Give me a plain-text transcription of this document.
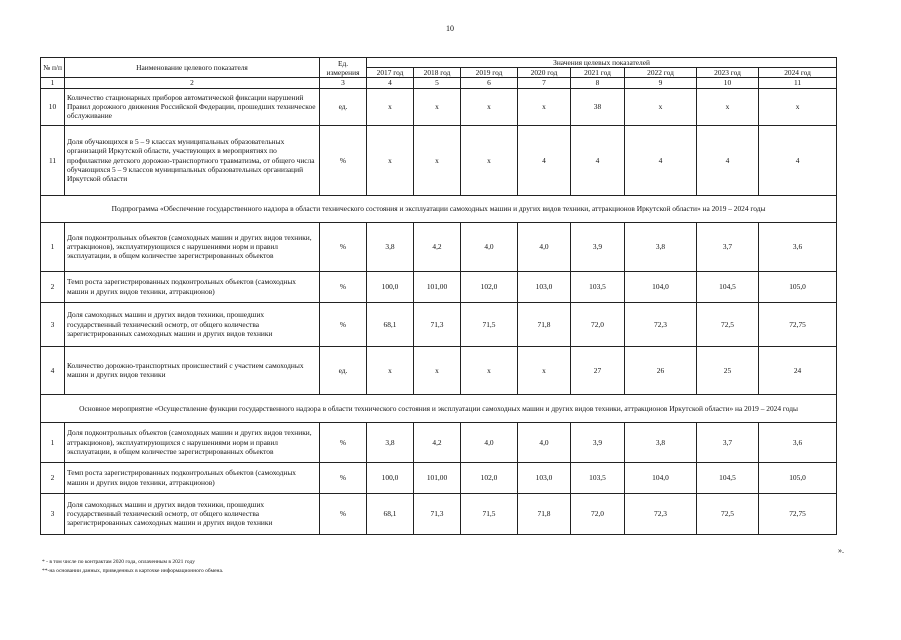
10
№ п/п	Наименование целевого показателя	Ед. измерения	Значения целевых показателей							
			2017 год	2018 год	2019 год	2020 год	2021 год	2022 год	2023 год	2024 год
1	2	3	4	5	6	7	8	9	10	11
10	Количество стационарных приборов автоматической фиксации нарушений Правил дорожного движения Российской Федерации, прошедших техническое обслуживание	ед.	x	x	x	x	38	x	x	x
11	Доля обучающихся в 5 – 9 классах муниципальных образовательных организаций Иркутской области, участвующих в мероприятиях по профилактике детского дорожно-транспортного травматизма, от общего числа обучающихся 5 – 9 классов муниципальных образовательных организаций Иркутской области	%	x	x	x	4	4	4	4	4
Подпрограмма «Обеспечение государственного надзора в области технического состояния и эксплуатации самоходных машин и других видов техники, аттракционов Иркутской области» на 2019 – 2024 годы										
1	Доля подконтрольных объектов (самоходных машин и других видов техники, аттракционов), эксплуатирующихся с нарушениями норм и правил эксплуатации, в общем количестве зарегистрированных объектов	%	3,8	4,2	4,0	4,0	3,9	3,8	3,7	3,6
2	Темп роста зарегистрированных подконтрольных объектов (самоходных машин и других видов техники, аттракционов)	%	100,0	101,00	102,0	103,0	103,5	104,0	104,5	105,0
3	Доля самоходных машин и других видов техники, прошедших государственный технический осмотр, от общего количества зарегистрированных самоходных машин и других видов техники	%	68,1	71,3	71,5	71,8	72,0	72,3	72,5	72,75
4	Количество дорожно-транспортных происшествий с участием самоходных машин и других видов техники	ед.	x	x	x	x	27	26	25	24
Основное мероприятие «Осуществление функции государственного надзора в области технического состояния и эксплуатации самоходных машин и других видов техники, аттракционов Иркутской области» на 2019 – 2024 годы										
1	Доля подконтрольных объектов (самоходных машин и других видов техники, аттракционов), эксплуатирующихся с нарушениями норм и правил эксплуатации, в общем количестве зарегистрированных объектов	%	3,8	4,2	4,0	4,0	3,9	3,8	3,7	3,6
2	Темп роста зарегистрированных подконтрольных объектов (самоходных машин и других видов техники, аттракционов)	%	100,0	101,00	102,0	103,0	103,5	104,0	104,5	105,0
3	Доля самоходных машин и других видов техники, прошедших государственный технический осмотр, от общего количества зарегистрированных самоходных машин и других видов техники	%	68,1	71,3	71,5	71,8	72,0	72,3	72,5	72,75
».
* - в том числе по контрактам 2020 года, оплаченным в 2021 году
**-на основании данных, приведенных в карточке информационного обмена.
